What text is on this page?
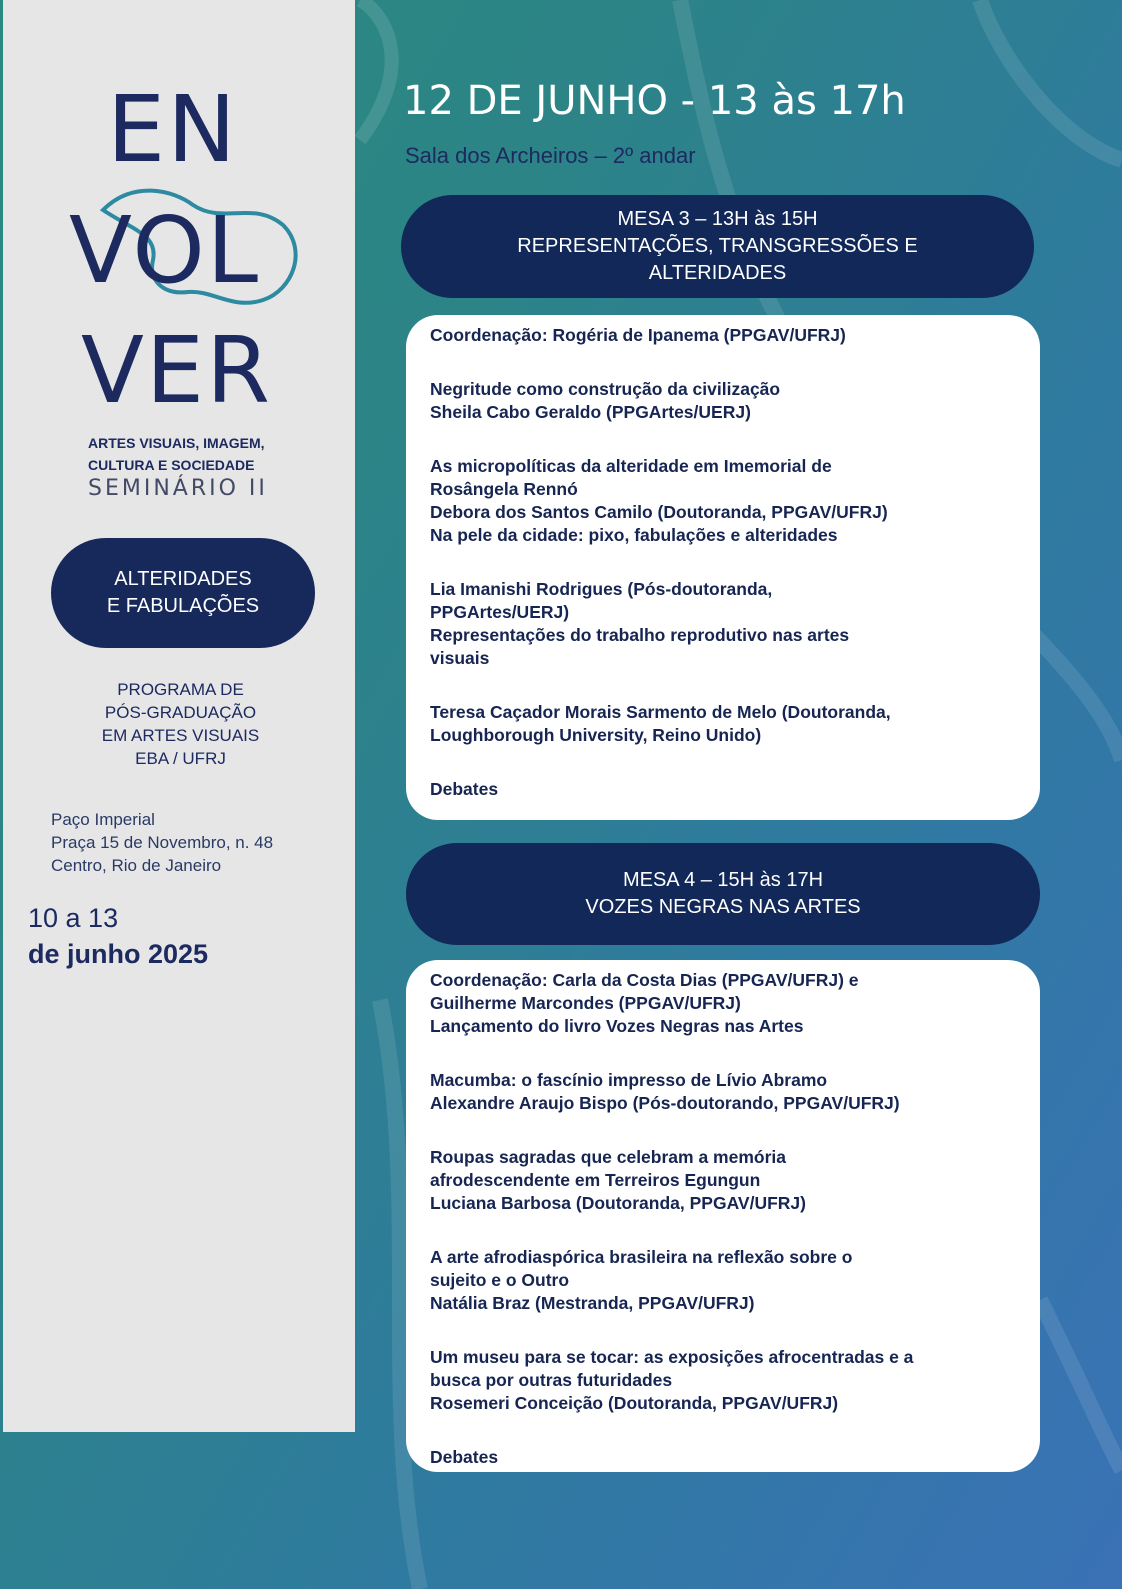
EN
VOL
VER
ARTES VISUAIS, IMAGEM,
CULTURA E SOCIEDADE
SEMINÁRIO II
ALTERIDADES
E FABULAÇÕES
PROGRAMA DE
PÓS-GRADUAÇÃO
EM ARTES VISUAIS
EBA / UFRJ
Paço Imperial
Praça 15 de Novembro, n. 48
Centro, Rio de Janeiro
10 a 13
de junho 2025
12 DE JUNHO - 13 às 17h
Sala dos Archeiros – 2º andar
MESA 3 – 13H às 15H
REPRESENTAÇÕES, TRANSGRESSÕES E
ALTERIDADES

Coordenação: Rogéria de Ipanema (PPGAV/UFRJ)

Negritude como construção da civilização
Sheila Cabo Geraldo (PPGArtes/UERJ)

As micropolíticas da alteridade em Imemorial de
Rosângela Rennó
Debora dos Santos Camilo (Doutoranda, PPGAV/UFRJ)
Na pele da cidade: pixo, fabulações e alteridades

Lia Imanishi Rodrigues (Pós-doutoranda,
PPGArtes/UERJ)
Representações do trabalho reprodutivo nas artes
visuais

Teresa Caçador Morais Sarmento de Melo (Doutoranda,
Loughborough University, Reino Unido)

Debates

MESA 4 – 15H às 17H
VOZES NEGRAS NAS ARTES

Coordenação: Carla da Costa Dias (PPGAV/UFRJ) e
Guilherme Marcondes (PPGAV/UFRJ)
Lançamento do livro Vozes Negras nas Artes

Macumba: o fascínio impresso de Lívio Abramo
Alexandre Araujo Bispo (Pós-doutorando, PPGAV/UFRJ)

Roupas sagradas que celebram a memória
afrodescendente em Terreiros Egungun
Luciana Barbosa (Doutoranda, PPGAV/UFRJ)

A arte afrodiaspórica brasileira na reflexão sobre o
sujeito e o Outro
Natália Braz (Mestranda, PPGAV/UFRJ)

Um museu para se tocar: as exposições afrocentradas e a
busca por outras futuridades
Rosemeri Conceição (Doutoranda, PPGAV/UFRJ)

Debates
